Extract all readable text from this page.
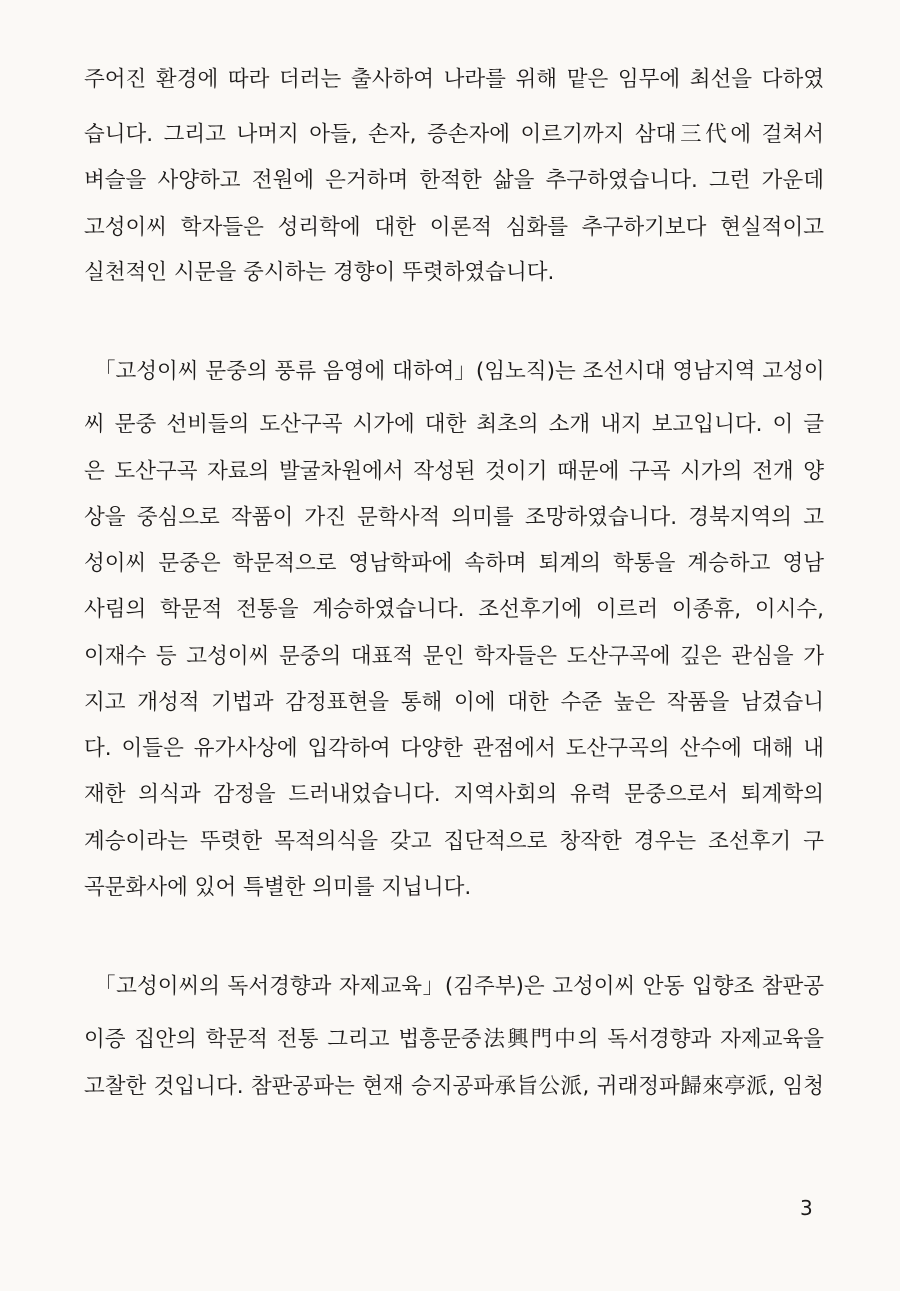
주어진 환경에 따라 더러는 출사하여 나라를 위해 맡은 임무에 최선을 다하였
습니다. 그리고 나머지 아들, 손자, 증손자에 이르기까지 삼대三代에 걸쳐서
벼슬을 사양하고 전원에 은거하며 한적한 삶을 추구하였습니다. 그런 가운데
고성이씨 학자들은 성리학에 대한 이론적 심화를 추구하기보다 현실적이고
실천적인 시문을 중시하는 경향이 뚜렷하였습니다.
「고성이씨 문중의 풍류 음영에 대하여」(임노직)는 조선시대 영남지역 고성이
씨 문중 선비들의 도산구곡 시가에 대한 최초의 소개 내지 보고입니다. 이 글
은 도산구곡 자료의 발굴차원에서 작성된 것이기 때문에 구곡 시가의 전개 양
상을 중심으로 작품이 가진 문학사적 의미를 조망하였습니다. 경북지역의 고
성이씨 문중은 학문적으로 영남학파에 속하며 퇴계의 학통을 계승하고 영남
사림의 학문적 전통을 계승하였습니다. 조선후기에 이르러 이종휴, 이시수,
이재수 등 고성이씨 문중의 대표적 문인 학자들은 도산구곡에 깊은 관심을 가
지고 개성적 기법과 감정표현을 통해 이에 대한 수준 높은 작품을 남겼습니
다. 이들은 유가사상에 입각하여 다양한 관점에서 도산구곡의 산수에 대해 내
재한 의식과 감정을 드러내었습니다. 지역사회의 유력 문중으로서 퇴계학의
계승이라는 뚜렷한 목적의식을 갖고 집단적으로 창작한 경우는 조선후기 구
곡문화사에 있어 특별한 의미를 지닙니다.
「고성이씨의 독서경향과 자제교육」(김주부)은 고성이씨 안동 입향조 참판공
이증 집안의 학문적 전통 그리고 법흥문중法興門中의 독서경향과 자제교육을
고찰한 것입니다. 참판공파는 현재 승지공파承旨公派, 귀래정파歸來亭派, 임청
3
